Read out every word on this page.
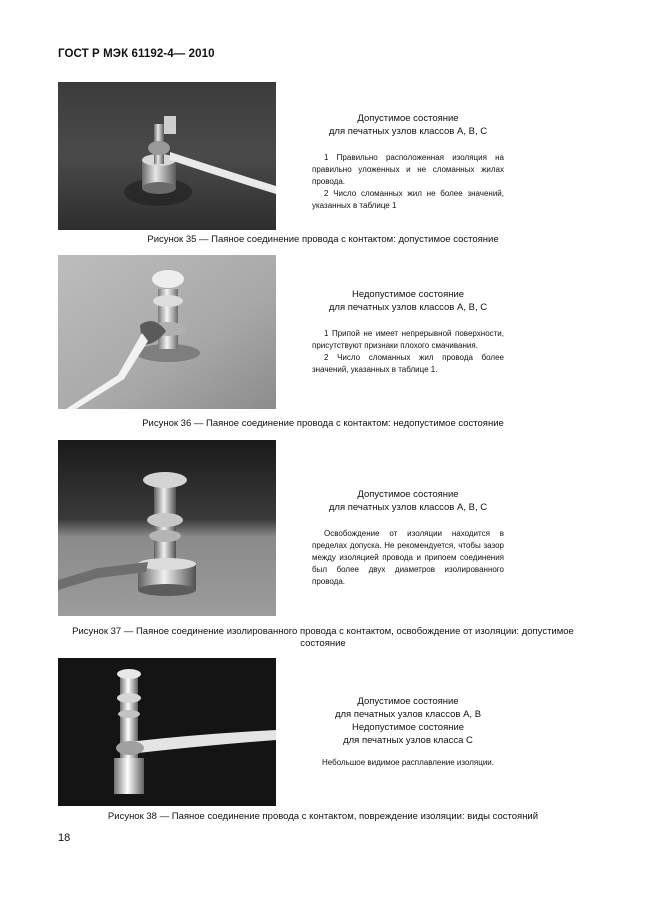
ГОСТ Р МЭК 61192-4— 2010
Допустимое состояние
для печатных узлов классов А, В, С

1 Правильно расположенная изоляция на правильно уложенных и не сломанных жилах провода.

2 Число сломанных жил не более значений, указанных в таблице 1

Рисунок 35 — Паяное соединение провода с контактом: допустимое состояние
Недопустимое состояние
для печатных узлов классов А, В, С

1 Припой не имеет непрерывной поверхности, присутствуют признаки плохого смачивания.

2 Число сломанных жил провода более значений, указанных в таблице 1.

Рисунок 36 — Паяное соединение провода с контактом: недопустимое состояние
Допустимое состояние
для печатных узлов классов А, В, С

Освобождение от изоляции находится в пределах допуска. Не рекомендуется, чтобы зазор между изоляцией провода и припоем соединения был более двух диаметров изолированного провода.

Рисунок 37 — Паяное соединение изолированного провода с контактом, освобождение от изоляции: допустимое состояние
Допустимое состояние
для печатных узлов классов А, В
Недопустимое состояние
для печатных узлов класса С

Небольшое видимое расплавление изоляции.

Рисунок 38 — Паяное соединение провода с контактом, повреждение изоляции: виды состояний
18
